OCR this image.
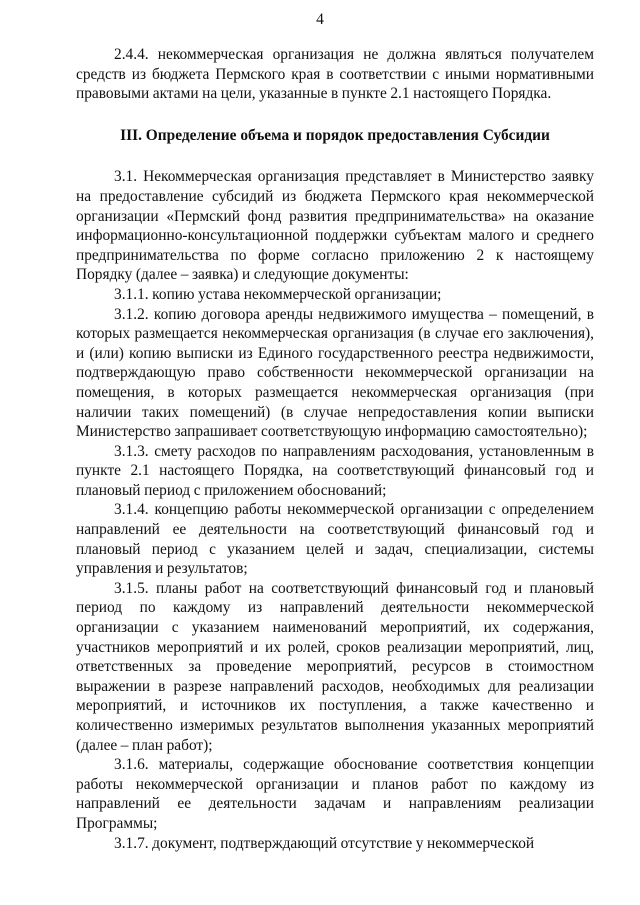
4

2.4.4. некоммерческая организация не должна являться получателем средств из бюджета Пермского края в соответствии с иными нормативными правовыми актами на цели, указанные в пункте 2.1 настоящего Порядка.

III. Определение объема и порядок предоставления Субсидии

3.1. Некоммерческая организация представляет в Министерство заявку на предоставление субсидий из бюджета Пермского края некоммерческой организации «Пермский фонд развития предпринимательства» на оказание информационно-консультационной поддержки субъектам малого и среднего предпринимательства по форме согласно приложению 2 к настоящему Порядку (далее – заявка) и следующие документы:

3.1.1. копию устава некоммерческой организации;

3.1.2. копию договора аренды недвижимого имущества – помещений, в которых размещается некоммерческая организация (в случае его заключения), и (или) копию выписки из Единого государственного реестра недвижимости, подтверждающую право собственности некоммерческой организации на помещения, в которых размещается некоммерческая организация (при наличии таких помещений) (в случае непредоставления копии выписки Министерство запрашивает соответствующую информацию самостоятельно);

3.1.3. смету расходов по направлениям расходования, установленным в пункте 2.1 настоящего Порядка, на соответствующий финансовый год и плановый период с приложением обоснований;

3.1.4. концепцию работы некоммерческой организации с определением направлений ее деятельности на соответствующий финансовый год и плановый период с указанием целей и задач, специализации, системы управления и результатов;

3.1.5. планы работ на соответствующий финансовый год и плановый период по каждому из направлений деятельности некоммерческой организации с указанием наименований мероприятий, их содержания, участников мероприятий и их ролей, сроков реализации мероприятий, лиц, ответственных за проведение мероприятий, ресурсов в стоимостном выражении в разрезе направлений расходов, необходимых для реализации мероприятий, и источников их поступления, а также качественно и количественно измеримых результатов выполнения указанных мероприятий (далее – план работ);

3.1.6. материалы, содержащие обоснование соответствия концепции работы некоммерческой организации и планов работ по каждому из направлений ее деятельности задачам и направлениям реализации Программы;

3.1.7. документ, подтверждающий отсутствие у некоммерческой
